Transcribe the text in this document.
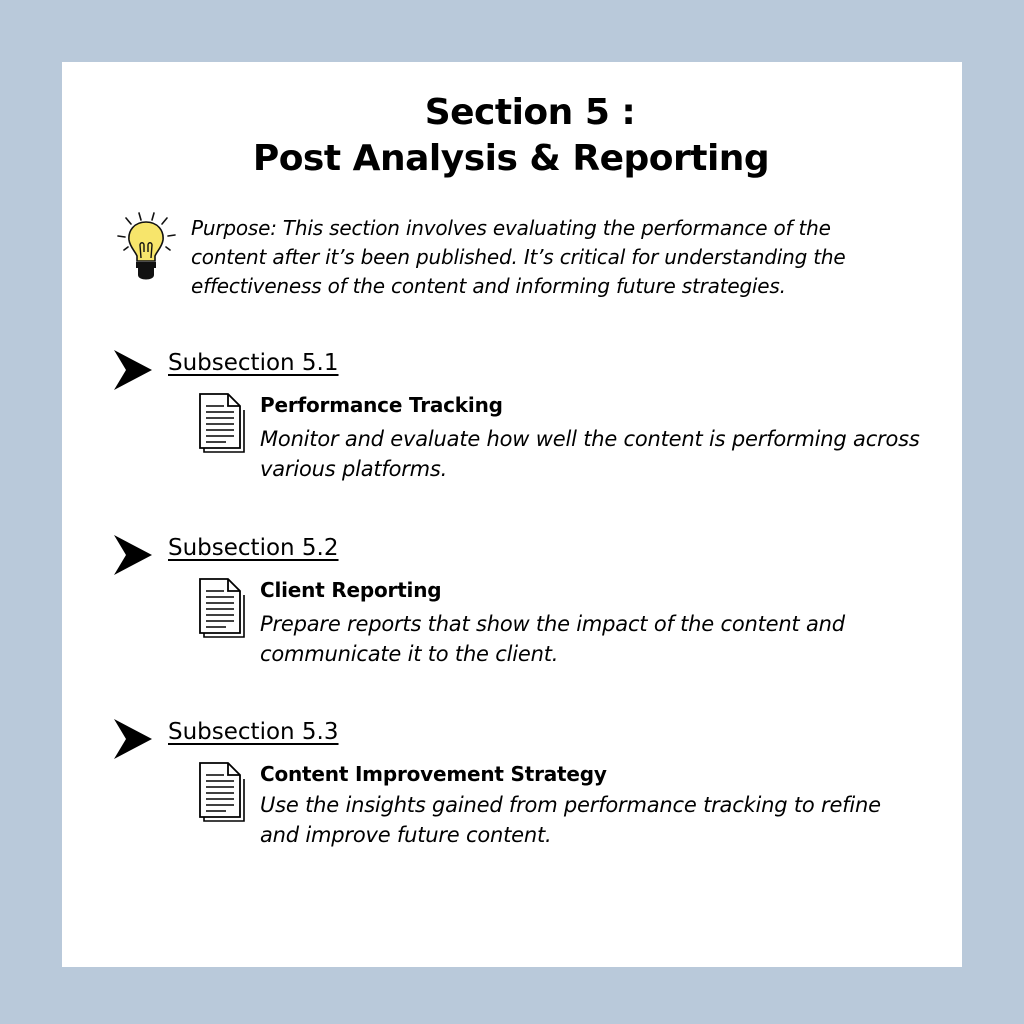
Section 5 :
Post Analysis & Reporting
Purpose: This section involves evaluating the performance of the content after it’s been published. It’s critical for understanding the effectiveness of the content and informing future strategies.
Subsection 5.1
Performance Tracking
Monitor and evaluate how well the content is performing across various platforms.
Subsection 5.2
Client Reporting
Prepare reports that show the impact of the content and communicate it to the client.
Subsection 5.3
Content Improvement Strategy
Use the insights gained from performance tracking to refine and improve future content.
